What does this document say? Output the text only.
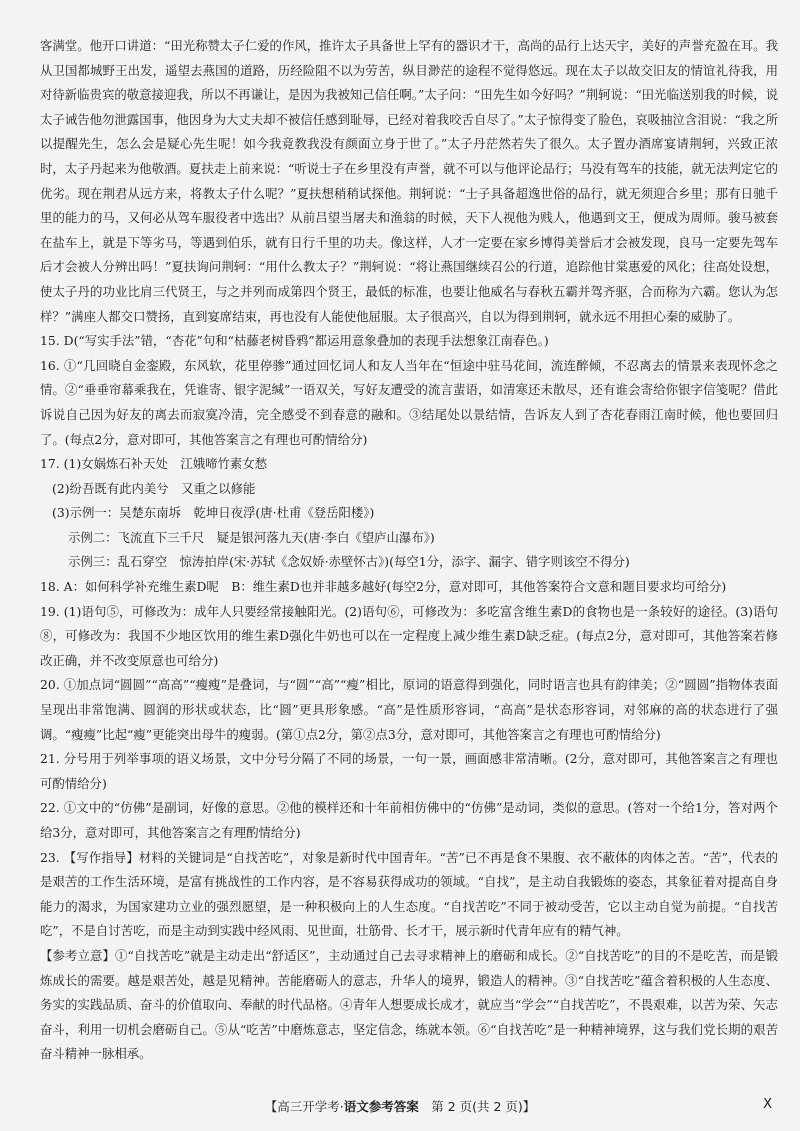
客满堂。他开口讲道：“田光称赞太子仁爱的作风，推许太子具备世上罕有的器识才干，高尚的品行上达天宇，美好的声誉充盈在耳。我从卫国都城野王出发，遥望去燕国的道路，历经险阻不以为劳苦，纵目渺茫的途程不觉得悠远。现在太子以故交旧友的情谊礼待我，用对待新临贵宾的敬意接迎我，所以不再谦让，是因为我被知己信任啊。”太子问：“田先生如今好吗？”荆轲说：“田光临送别我的时候，说太子诫告他勿泄露国事，他因身为大丈夫却不被信任感到耻辱，已经对着我咬舌自尽了。”太子惊得变了脸色，哀吸抽泣含泪说：“我之所以提醒先生，怎么会是疑心先生呢！如今我竟教我没有颜面立身于世了。”太子丹茫然若失了很久。太子置办酒席宴请荆轲，兴致正浓时，太子丹起来为他敬酒。夏扶走上前来说：“听说士子在乡里没有声誉，就不可以与他评论品行；马没有驾车的技能，就无法判定它的优劣。现在荆君从远方来，将教太子什么呢？”夏扶想稍稍试探他。荆轲说：“士子具备超逸世俗的品行，就无须迎合乡里；那有日驰千里的能力的马，又何必从驾车服役者中选出？从前吕望当屠夫和渔翁的时候，天下人视他为贱人，他遇到文王，便成为周师。骏马被套在盐车上，就是下等劣马，等遇到伯乐，就有日行千里的功夫。像这样，人才一定要在家乡博得美誉后才会被发现，良马一定要先驾车后才会被人分辨出吗！”夏扶询问荆轲：“用什么教太子？”荆轲说：“将让燕国继续召公的行道，追踪他甘棠惠爱的风化；往高处设想，使太子丹的功业比肩三代贤王，与之并列而成第四个贤王，最低的标准，也要让他威名与春秋五霸并驾齐驱，合而称为六霸。您认为怎样？”满座人都交口赞扬，直到宴席结束，再也没有人能使他屈服。太子很高兴，自以为得到荆轲，就永远不用担心秦的威胁了。

15. D(“写实手法”错，“杏花”句和“枯藤老树昏鸦”都运用意象叠加的表现手法想象江南春色。)

16. ①“几回晓自金銮殿，东风软，花里停骖”通过回忆词人和友人当年在“恒途中驻马花间，流连醉倾，不忍离去的情景来表现怀念之情。②“垂垂帘幕乘我在，凭谁寄、银字泥缄”一语双关，写好友遭受的流言蜚语，如清寒还未散尽，还有谁会寄给你银字信笺呢？借此诉说自己因为好友的离去而寂寞冷清，完全感受不到春意的融和。③结尾处以景结情，告诉友人到了杏花春雨江南时候，他也要回归了。(每点2分，意对即可，其他答案言之有理也可酌情给分)

17. (1)女娲炼石补天处　江娥啼竹素女愁

(2)纷吾既有此内美兮　又重之以修能

(3)示例一：吴楚东南坼　乾坤日夜浮(唐·杜甫《登岳阳楼》)

示例二：飞流直下三千尺　疑是银河落九天(唐·李白《望庐山瀑布》)

示例三：乱石穿空　惊涛拍岸(宋·苏轼《念奴娇·赤壁怀古》)(每空1分，添字、漏字、错字则该空不得分)

18. A：如何科学补充维生素D呢　B：维生素D也并非越多越好(每空2分，意对即可，其他答案符合文意和题目要求均可给分)

19. (1)语句⑤，可修改为：成年人只要经常接触阳光。(2)语句⑥，可修改为：多吃富含维生素D的食物也是一条较好的途径。(3)语句⑧，可修改为：我国不少地区饮用的维生素D强化牛奶也可以在一定程度上减少维生素D缺乏症。(每点2分，意对即可，其他答案若修改正确，并不改变原意也可给分)

20. ①加点词“圆圆”“高高”“瘦瘦”是叠词，与“圆”“高”“瘦”相比，原词的语意得到强化，同时语言也具有韵律美；②“圆圆”指物体表面呈现出非常饱满、圆润的形状或状态，比“圆”更具形象感。“高”是性质形容词，“高高”是状态形容词，对邻麻的高的状态进行了强调。“瘦瘦”比起“瘦”更能突出母牛的瘦弱。(第①点2分，第②点3分，意对即可，其他答案言之有理也可酌情给分)

21. 分号用于列举事项的语义场景，文中分号分隔了不同的场景，一句一景，画面感非常清晰。(2分，意对即可，其他答案言之有理也可酌情给分)

22. ①文中的“仿佛”是副词，好像的意思。②他的模样还和十年前相仿佛中的“仿佛”是动词，类似的意思。(答对一个给1分，答对两个给3分，意对即可，其他答案言之有理酌情给分)

23. 【写作指导】材料的关键词是“自找苦吃”，对象是新时代中国青年。“苦”已不再是食不果腹、衣不蔽体的肉体之苦。“苦”，代表的是艰苦的工作生活环境，是富有挑战性的工作内容，是不容易获得成功的领域。“自找”，是主动自我锻炼的姿态，其象征着对提高自身能力的渴求，为国家建功立业的强烈愿望，是一种积极向上的人生态度。“自找苦吃”不同于被动受苦，它以主动自觉为前提。“自找苦吃”，不是自讨苦吃，而是主动到实践中经风雨、见世面，壮筋骨、长才干，展示新时代青年应有的精气神。

【参考立意】①“自找苦吃”就是主动走出“舒适区”，主动通过自己去寻求精神上的磨砺和成长。②“自找苦吃”的目的不是吃苦，而是锻炼成长的需要。越是艰苦处，越是见精神。苦能磨砺人的意志，升华人的境界，锻造人的精神。③“自找苦吃”蕴含着积极的人生态度、务实的实践品质、奋斗的价值取向、奉献的时代品格。④青年人想要成长成才，就应当“学会”“自找苦吃”，不畏艰难，以苦为荣、矢志奋斗，利用一切机会磨砺自己。⑤从“吃苦”中磨炼意志，坚定信念，练就本领。⑥“自找苦吃”是一种精神境界，这与我们党长期的艰苦奋斗精神一脉相承。

【高三开学考·语文参考答案　第 2 页(共 2 页)】	X
